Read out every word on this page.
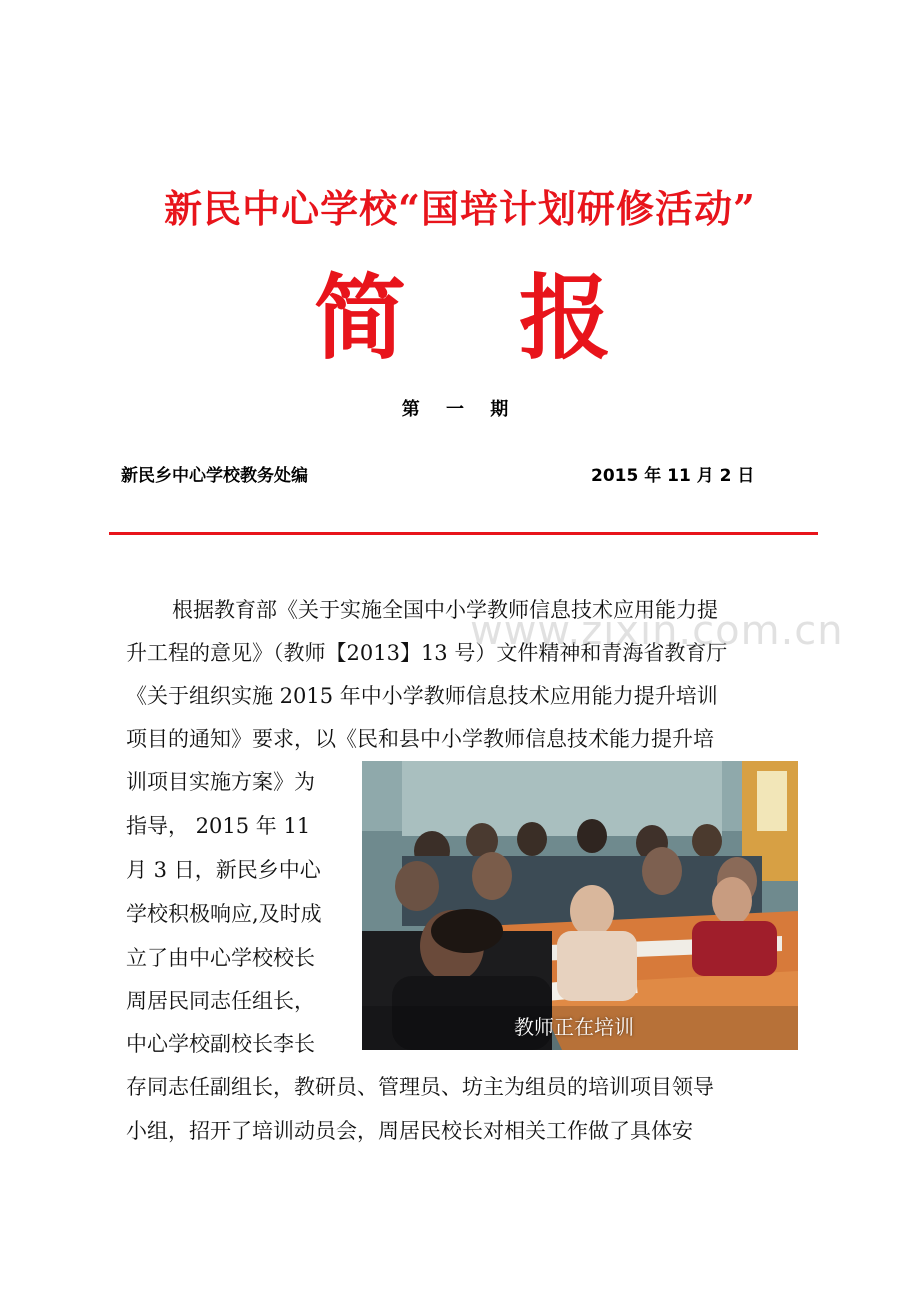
新民中心学校“国培计划研修活动”
简 报
第 一 期
新民乡中心学校教务处编	2015 年 11 月 2 日
根据教育部《关于实施全国中小学教师信息技术应用能力提
升工程的意见》（教师【2013】13 号）文件精神和青海省教育厅
《关于组织实施 2015 年中小学教师信息技术应用能力提升培训
项目的通知》要求，以《民和县中小学教师信息技术能力提升培
训项目实施方案》为
指导， 2015 年 11
月 3 日，新民乡中心
学校积极响应,及时成
立了由中心学校校长
周居民同志任组长，
中心学校副校长李长
存同志任副组长，教研员、管理员、坊主为组员的培训项目领导
小组，招开了培训动员会，周居民校长对相关工作做了具体安
www.zixin.com.cn
教师正在培训
